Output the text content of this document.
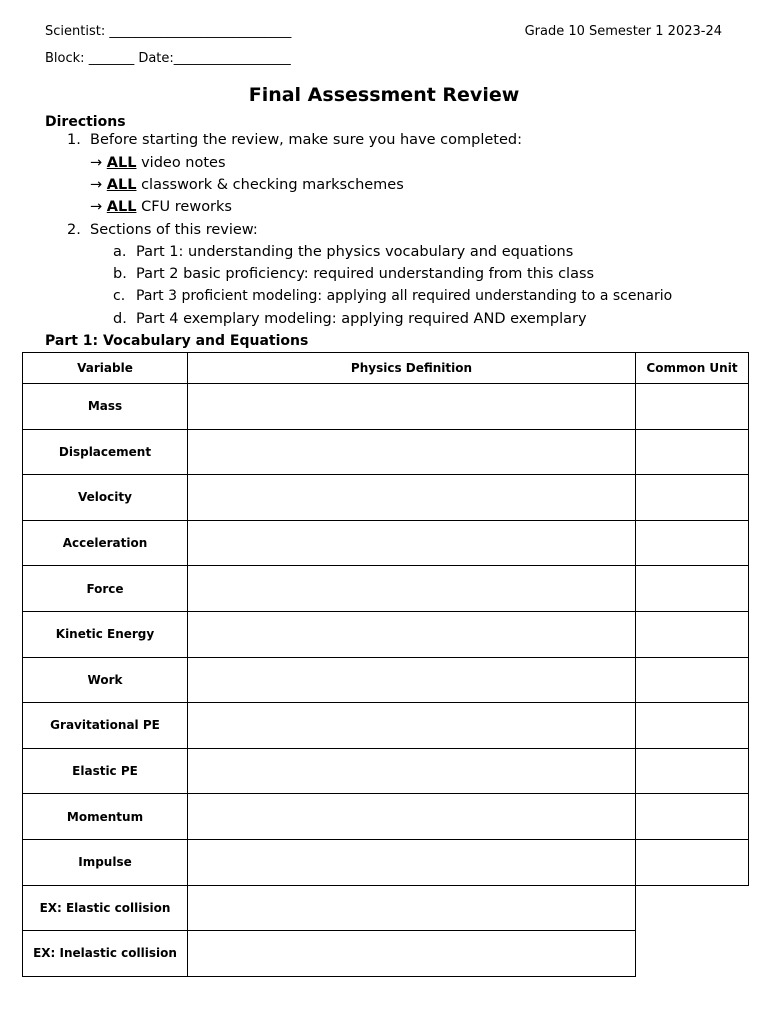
Scientist: ____________________________	Grade 10 Semester 1 2023-24
Block: _______ Date:__________________
Final Assessment Review
Directions
1. Before starting the review, make sure you have completed:
→ ALL video notes
→ ALL classwork & checking markschemes
→ ALL CFU reworks
2. Sections of this review:
a. Part 1: understanding the physics vocabulary and equations
b. Part 2 basic proficiency: required understanding from this class
c. Part 3 proficient modeling: applying all required understanding to a scenario
d. Part 4 exemplary modeling: applying required AND exemplary
Part 1: Vocabulary and Equations
Variable	Physics Definition	Common Unit
Mass		
Displacement		
Velocity		
Acceleration		
Force		
Kinetic Energy		
Work		
Gravitational PE		
Elastic PE		
Momentum		
Impulse		
EX: Elastic collision		
EX: Inelastic collision		
